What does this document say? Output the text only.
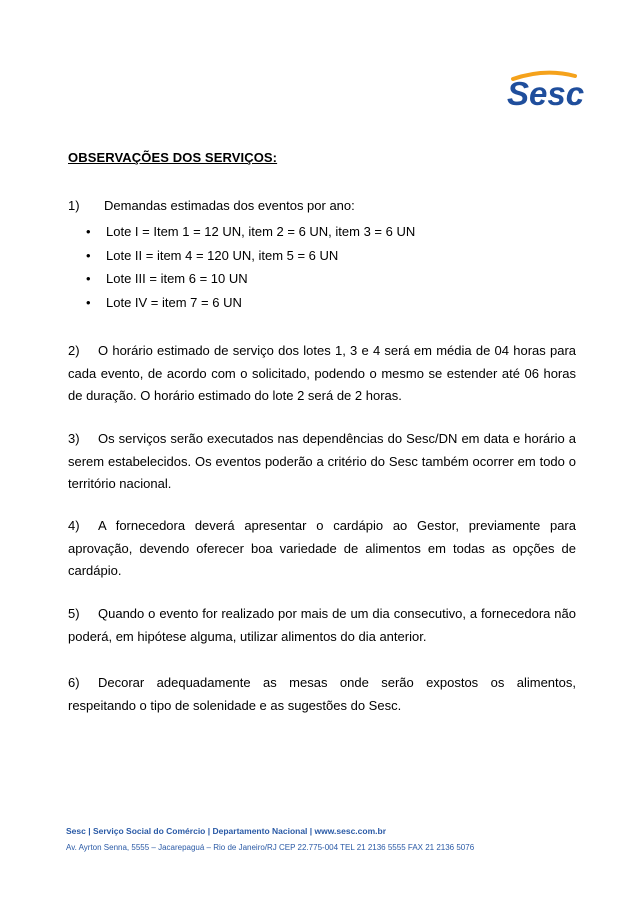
Sesc
OBSERVAÇÕES DOS SERVIÇOS:
1) Demandas estimadas dos eventos por ano:
• Lote I = Item 1 = 12 UN, item 2 = 6 UN, item 3 = 6 UN
• Lote II = item 4 = 120 UN, item 5 = 6 UN
• Lote III = item 6 = 10 UN
• Lote IV = item 7 = 6 UN

2) O horário estimado de serviço dos lotes 1, 3 e 4 será em média de 04 horas para cada evento, de acordo com o solicitado, podendo o mesmo se estender até 06 horas de duração. O horário estimado do lote 2 será de 2 horas.

3) Os serviços serão executados nas dependências do Sesc/DN em data e horário a serem estabelecidos. Os eventos poderão a critério do Sesc também ocorrer em todo o território nacional.

4) A fornecedora deverá apresentar o cardápio ao Gestor, previamente para aprovação, devendo oferecer boa variedade de alimentos em todas as opções de cardápio.

5) Quando o evento for realizado por mais de um dia consecutivo, a fornecedora não poderá, em hipótese alguma, utilizar alimentos do dia anterior.

6) Decorar adequadamente as mesas onde serão expostos os alimentos, respeitando o tipo de solenidade e as sugestões do Sesc.

Sesc | Serviço Social do Comércio | Departamento Nacional | www.sesc.com.br
Av. Ayrton Senna, 5555 – Jacarepaguá – Rio de Janeiro/RJ CEP 22.775-004 TEL 21 2136 5555 FAX 21 2136 5076
